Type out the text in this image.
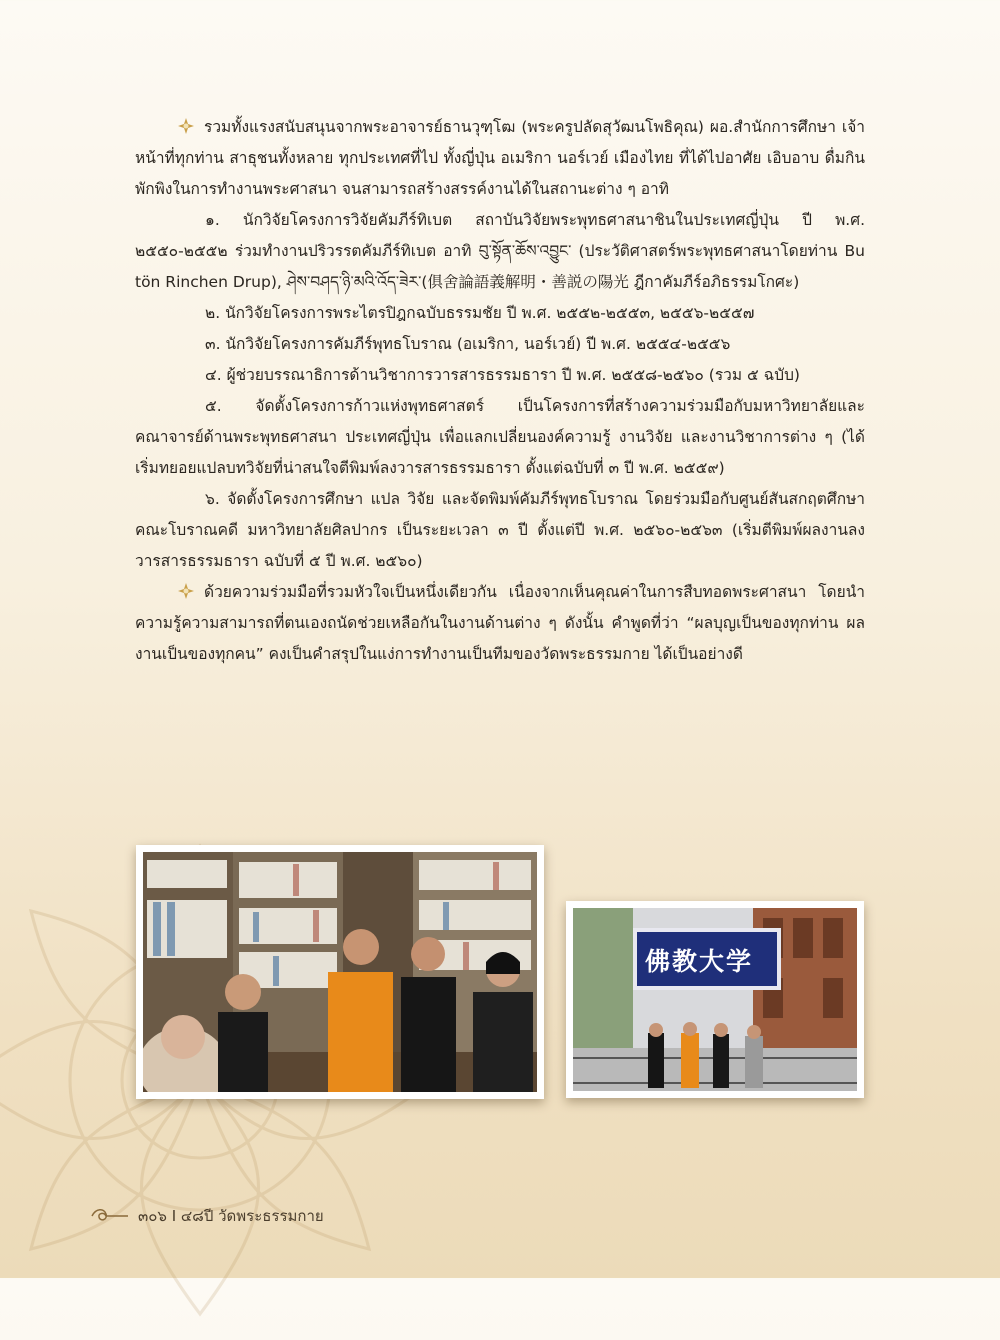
รวมทั้งแรงสนับสนุนจากพระอาจารย์ธานวุฑฺโฒ (พระครูปลัดสุวัฒนโพธิคุณ) ผอ.สำนักการศึกษา เจ้าหน้าที่ทุกท่าน สาธุชนทั้งหลาย ทุกประเทศที่ไป ทั้งญี่ปุ่น อเมริกา นอร์เวย์ เมืองไทย ที่ได้ไปอาศัย เอิบอาบ ดื่มกิน พักพิงในการทำงานพระศาสนา จนสามารถสร้างสรรค์งานได้ในสถานะต่าง ๆ อาทิ

๑. นักวิจัยโครงการวิจัยคัมภีร์ทิเบต สถาบันวิจัยพระพุทธศาสนาชินในประเทศญี่ปุ่น ปี พ.ศ. ๒๕๕๐-๒๕๕๒ ร่วมทำงานปริวรรตคัมภีร์ทิเบต อาทิ བུ་སྟོན་ཆོས་འབྱུང་ (ประวัติศาสตร์พระพุทธศาสนาโดยท่าน Bu tön Rinchen Drup), ཤེས་བཤད་ཉི་མའི་འོད་ཟེར་(俱舍論語義解明・善説の陽光 ฎีกาคัมภีร์อภิธรรมโกศะ)

๒. นักวิจัยโครงการพระไตรปิฎกฉบับธรรมชัย ปี พ.ศ. ๒๕๕๒-๒๕๕๓, ๒๕๕๖-๒๕๕๗

๓. นักวิจัยโครงการคัมภีร์พุทธโบราณ (อเมริกา, นอร์เวย์) ปี พ.ศ. ๒๕๕๔-๒๕๕๖

๔. ผู้ช่วยบรรณาธิการด้านวิชาการวารสารธรรมธารา ปี พ.ศ. ๒๕๕๘-๒๕๖๐ (รวม ๕ ฉบับ)

๕. จัดตั้งโครงการก้าวแห่งพุทธศาสตร์ เป็นโครงการที่สร้างความร่วมมือกับมหาวิทยาลัยและคณาจารย์ด้านพระพุทธศาสนา ประเทศญี่ปุ่น เพื่อแลกเปลี่ยนองค์ความรู้ งานวิจัย และงานวิชาการต่าง ๆ (ได้เริ่มทยอยแปลบทวิจัยที่น่าสนใจตีพิมพ์ลงวารสารธรรมธารา ตั้งแต่ฉบับที่ ๓ ปี พ.ศ. ๒๕๕๙)

๖. จัดตั้งโครงการศึกษา แปล วิจัย และจัดพิมพ์คัมภีร์พุทธโบราณ โดยร่วมมือกับศูนย์สันสกฤตศึกษา คณะโบราณคดี มหาวิทยาลัยศิลปากร เป็นระยะเวลา ๓ ปี ตั้งแต่ปี พ.ศ. ๒๕๖๐-๒๕๖๓ (เริ่มตีพิมพ์ผลงานลงวารสารธรรมธารา ฉบับที่ ๕ ปี พ.ศ. ๒๕๖๐)

ด้วยความร่วมมือที่รวมหัวใจเป็นหนึ่งเดียวกัน เนื่องจากเห็นคุณค่าในการสืบทอดพระศาสนา โดยนำความรู้ความสามารถที่ตนเองถนัดช่วยเหลือกันในงานด้านต่าง ๆ ดังนั้น คำพูดที่ว่า “ผลบุญเป็นของทุกท่าน ผลงานเป็นของทุกคน” คงเป็นคำสรุปในแง่การทำงานเป็นทีมของวัดพระธรรมกาย ได้เป็นอย่างดี

佛教大学
๓๐๖ I ๔๘ปี วัดพระธรรมกาย
